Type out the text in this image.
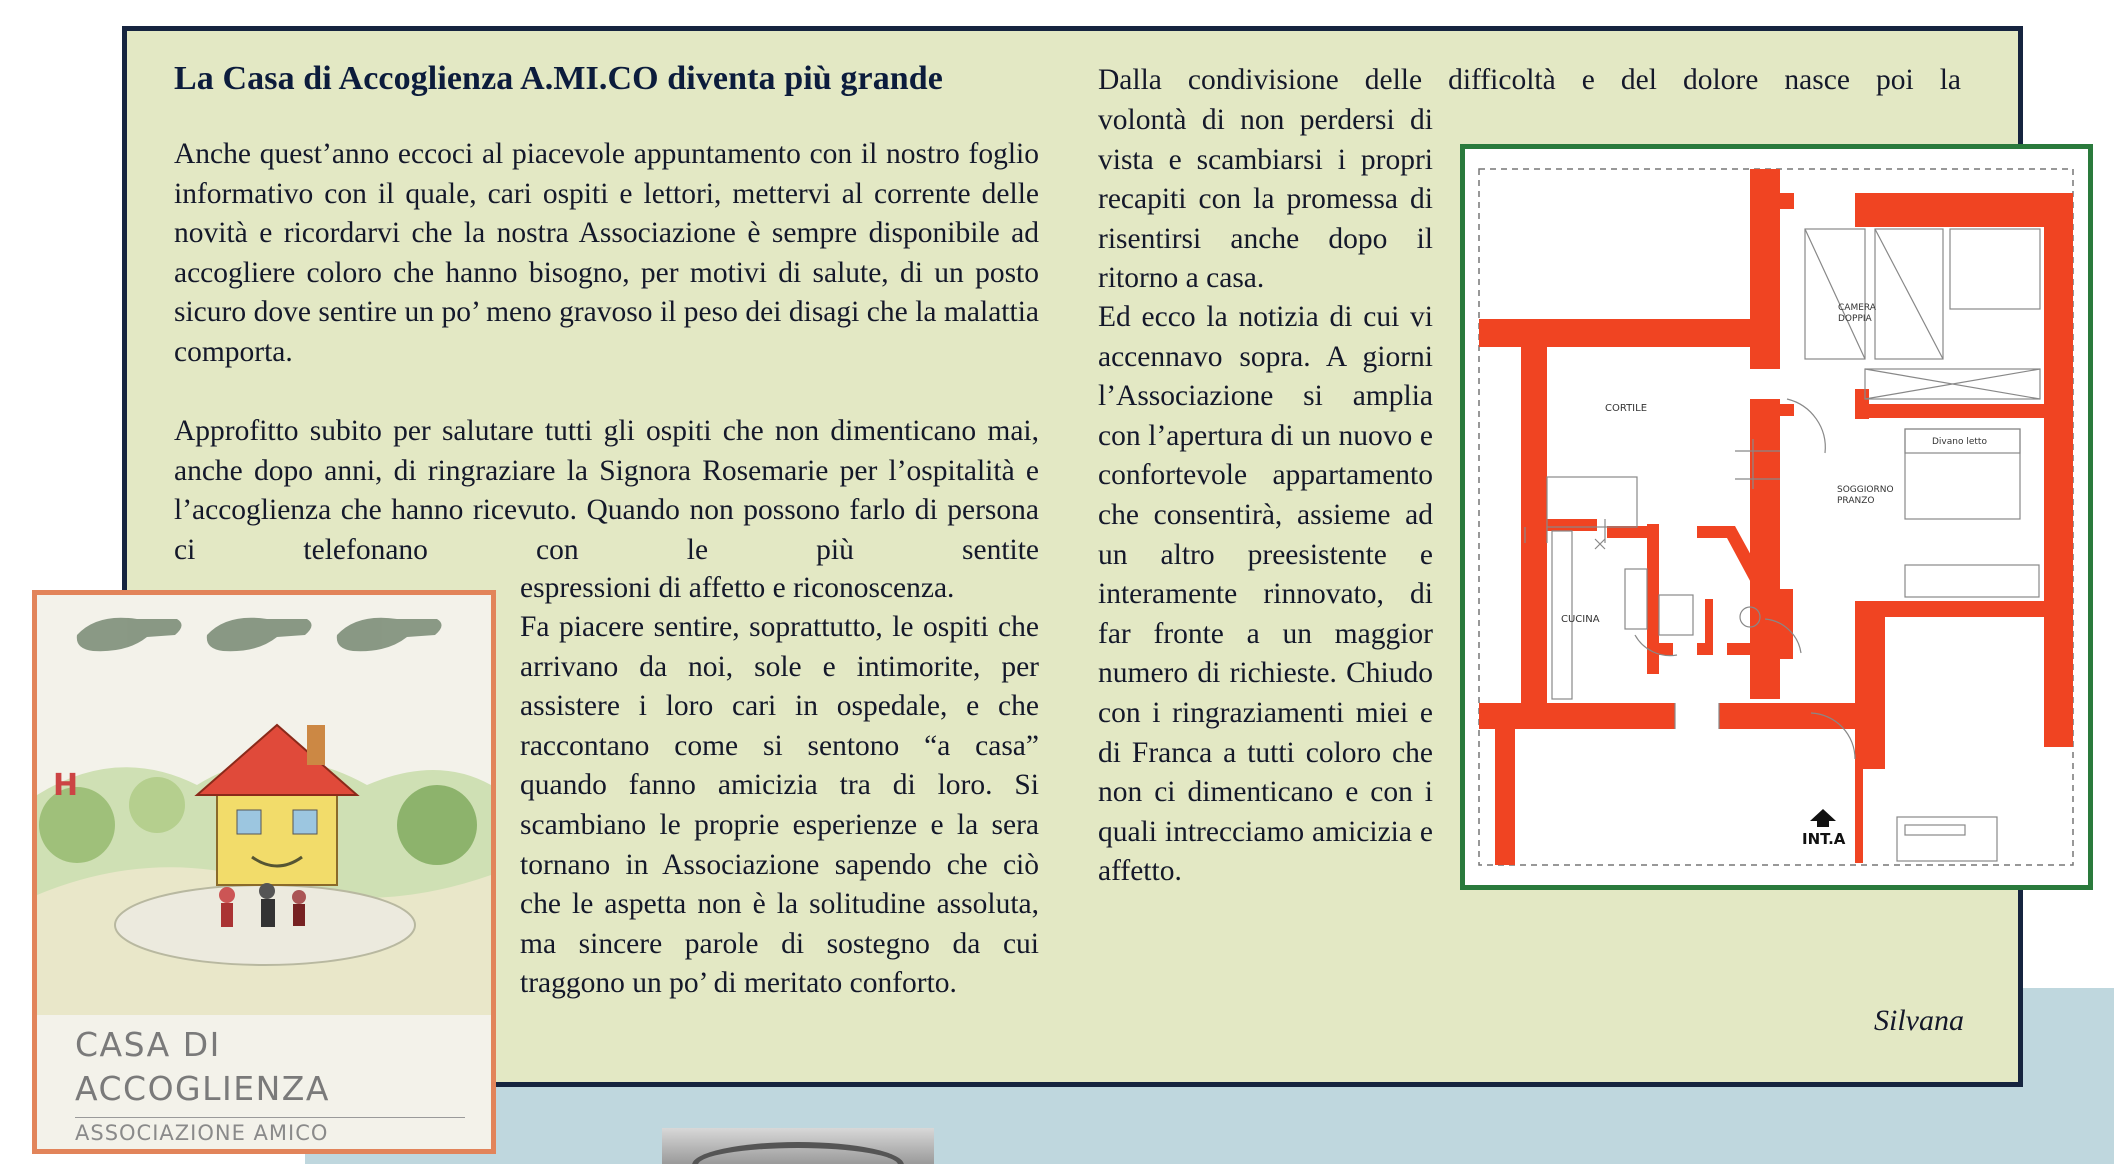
La Casa di Accoglienza A.MI.CO diventa più grande

Anche quest’anno eccoci al piacevole appuntamento con il nostro foglio informativo con il quale, cari ospiti e lettori, mettervi al corrente delle novità e ricordarvi che la nostra Associazione è sempre disponibile ad accogliere coloro che hanno bisogno, per motivi di salute, di un posto sicuro dove sentire un po’ meno gravoso il peso dei disagi che la malattia comporta.

Approfitto subito per salutare tutti gli ospiti che non dimenticano mai, anche dopo anni, di ringraziare la Signora Rosemarie per l’ospitalità e l’accoglienza che hanno ricevuto. Quando non possono farlo di persona ci telefonano con le più sentite

espressioni di affetto e riconoscenza.

Fa piacere sentire, soprattutto, le ospiti che arrivano da noi, sole e intimorite, per assistere i loro cari in ospedale, e che raccontano come si sentono “a casa” quando fanno amicizia tra di loro. Si scambiano le proprie esperienze e la sera tornano in Associazione sapendo che ciò che le aspetta non è la solitudine assoluta, ma sincere parole di sostegno da cui traggono un po’ di meritato conforto.

Dalla condivisione delle difficoltà e del dolore nasce poi la

volontà di non perdersi di vista e scambiarsi i propri recapiti con la promessa di risentirsi anche dopo il ritorno a casa.

Ed ecco la notizia di cui vi accennavo sopra. A giorni l’Associazione si amplia con l’apertura di un nuovo e confortevole appartamento che consentirà, assieme ad un altro preesistente e interamente rinnovato, di far fronte a un maggior numero di richieste. Chiudo con i ringraziamenti miei e di Franca a tutti coloro che non ci dimenticano e con i quali intrecciamo amicizia e affetto.

Silvana

H
CASA DI
ACCOGLIENZA
ASSOCIAZIONE AMICO
CAMERA
DOPPIA
CORTILE
Divano letto
SOGGIORNO
PRANZO
CUCINA
INT.A
